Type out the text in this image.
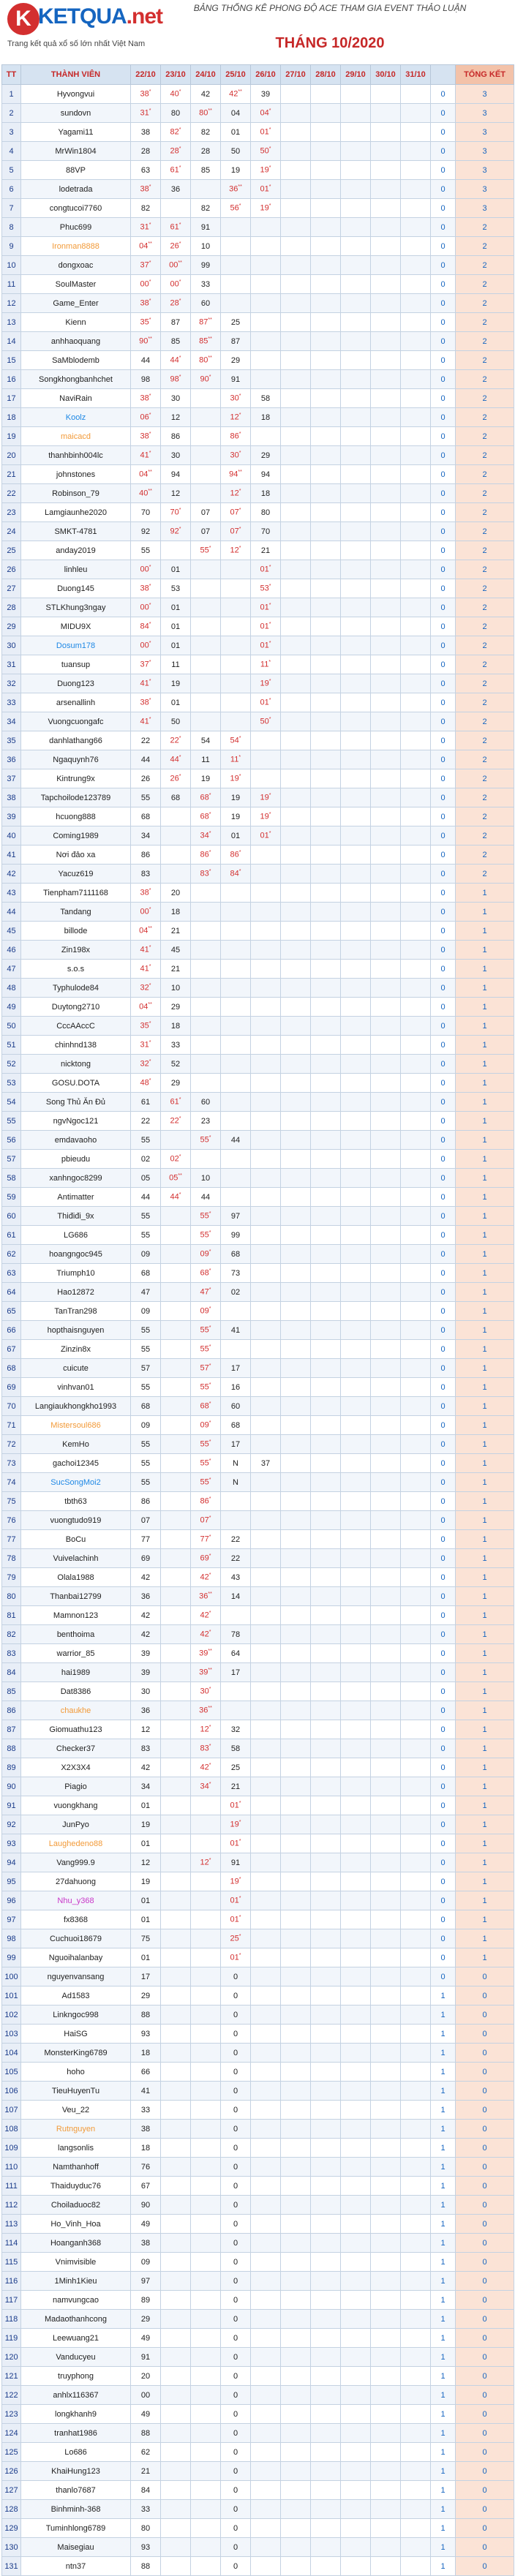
K KETQUA.net
Trang kết quả xổ số lớn nhất Việt Nam
BẢNG THỐNG KÊ PHONG ĐỘ ACE THAM GIA EVENT THẢO LUẬN
THÁNG 10/2020
TT	THÀNH VIÊN	22/10	23/10	24/10	25/10	26/10	27/10	28/10	29/10	30/10	31/10		TỔNG KẾT
1	Hyvongvui	38*	40*	42	42**	39						0	3
2	sundovn	31*	80	80**	04	04*						0	3
3	Yagami11	38	82*	82	01	01*						0	3
4	MrWin1804	28	28*	28	50	50*						0	3
5	88VP	63	61*	85	19	19*						0	3
6	lodetrada	38*	36		36**	01*						0	3
7	congtucoi7760	82		82	56*	19*						0	3
8	Phuc699	31*	61*	91								0	2
9	Ironman8888	04**	26*	10								0	2
10	dongxoac	37*	00**	99								0	2
11	SoulMaster	00*	00*	33								0	2
12	Game_Enter	38*	28*	60								0	2
13	Kienn	35*	87	87**	25							0	2
14	anhhaoquang	90**	85	85**	87							0	2
15	SaMblodemb	44	44*	80**	29							0	2
16	Songkhongbanhchet	98	98*	90*	91							0	2
17	NaviRain	38*	30		30*	58						0	2
18	Koolz	06*	12		12*	18						0	2
19	maicacd	38*	86		86*							0	2
20	thanhbinh004lc	41*	30		30*	29						0	2
21	johnstones	04**	94		94**	94						0	2
22	Robinson_79	40**	12		12*	18						0	2
23	Lamgiaunhe2020	70	70*	07	07*	80						0	2
24	SMKT-4781	92	92*	07	07*	70						0	2
25	anday2019	55		55*	12*	21						0	2
26	linhleu	00*	01			01*						0	2
27	Duong145	38*	53			53*						0	2
28	STLKhung3ngay	00*	01			01*						0	2
29	MIDU9X	84*	01			01*						0	2
30	Dosum178	00*	01			01*						0	2
31	tuansup	37*	11			11*						0	2
32	Duong123	41*	19			19*						0	2
33	arsenallinh	38*	01			01*						0	2
34	Vuongcuongafc	41*	50			50*						0	2
35	danhlathang66	22	22*	54	54*							0	2
36	Ngaquynh76	44	44*	11	11*							0	2
37	Kintrung9x	26	26*	19	19*							0	2
38	Tapchoilode123789	55	68	68*	19	19*						0	2
39	hcuong888	68		68*	19	19*						0	2
40	Coming1989	34		34*	01	01*						0	2
41	Nơi đảo xa	86		86*	86*							0	2
42	Yacuz619	83		83*	84*							0	2
43	Tienpham7111168	38*	20									0	1
44	Tandang	00*	18									0	1
45	billode	04**	21									0	1
46	Zin198x	41*	45									0	1
47	s.o.s	41*	21									0	1
48	Typhulode84	32*	10									0	1
49	Duytong2710	04**	29									0	1
50	CccAAccC	35*	18									0	1
51	chinhnd138	31*	33									0	1
52	nicktong	32*	52									0	1
53	GOSU.DOTA	48*	29									0	1
54	Song Thủ Ăn Đủ	61	61*	60								0	1
55	ngvNgoc121	22	22*	23								0	1
56	emdavaoho	55		55*	44							0	1
57	pbieudu	02	02*									0	1
58	xanhngoc8299	05	05**	10								0	1
59	Antimatter	44	44*	44								0	1
60	Thiđiđi_9x	55		55*	97							0	1
61	LG686	55		55*	99							0	1
62	hoangngoc945	09		09*	68							0	1
63	Triumph10	68		68*	73							0	1
64	Hao12872	47		47*	02							0	1
65	TanTran298	09		09*								0	1
66	hopthaisnguyen	55		55*	41							0	1
67	Zinzin8x	55		55*								0	1
68	cuicute	57		57*	17							0	1
69	vinhvan01	55		55*	16							0	1
70	Langiaukhongkho1993	68		68*	60							0	1
71	Mistersoul686	09		09*	68							0	1
72	KemHo	55		55*	17							0	1
73	gachoi12345	55		55*	N	37						0	1
74	SucSongMoi2	55		55*	N							0	1
75	tbth63	86		86*								0	1
76	vuongtudo919	07		07*								0	1
77	BoCu	77		77*	22							0	1
78	Vuivelachinh	69		69*	22							0	1
79	Olala1988	42		42*	43							0	1
80	Thanbai12799	36		36**	14							0	1
81	Mamnon123	42		42*								0	1
82	benthoima	42		42*	78							0	1
83	warrior_85	39		39**	64							0	1
84	hai1989	39		39**	17							0	1
85	Dat8386	30		30*								0	1
86	chaukhe	36		36**								0	1
87	Giomuathu123	12		12*	32							0	1
88	Checker37	83		83*	58							0	1
89	X2X3X4	42		42*	25							0	1
90	Piagio	34		34*	21							0	1
91	vuongkhang	01			01*							0	1
92	JunPyo	19			19*							0	1
93	Laughedeno88	01			01*							0	1
94	Vang999.9	12		12*	91							0	1
95	27dahuong	19			19*							0	1
96	Nhu_y368	01			01*							0	1
97	fx8368	01			01*							0	1
98	Cuchuoi18679	75			25*							0	1
99	Nguoihalanbay	01			01*							0	1
100	nguyenvansang	17			0							0	0
101	Ad1583	29			0							1	0
102	Linkngoc998	88			0							1	0
103	HaiSG	93			0							1	0
104	MonsterKing6789	18			0							1	0
105	hoho	66			0							1	0
106	TieuHuyenTu	41			0							1	0
107	Veu_22	33			0							1	0
108	Rutnguyen	38			0							1	0
109	langsonlis	18			0							1	0
110	Namthanhoff	76			0							1	0
111	Thaiduyduc76	67			0							1	0
112	Choiladuoc82	90			0							1	0
113	Ho_Vinh_Hoa	49			0							1	0
114	Hoanganh368	38			0							1	0
115	Vnimvisible	09			0							1	0
116	1Minh1Kieu	97			0							1	0
117	namvungcao	89			0							1	0
118	Madaothanhcong	29			0							1	0
119	Leewuang21	49			0							1	0
120	Vanducyeu	91			0							1	0
121	truyphong	20			0							1	0
122	anhlx116367	00			0							1	0
123	longkhanh9	49			0							1	0
124	tranhat1986	88			0							1	0
125	Lo686	62			0							1	0
126	KhaiHung123	21			0							1	0
127	thanlo7687	84			0							1	0
128	Binhminh-368	33			0							1	0
129	Tuminhlong6789	80			0							1	0
130	Maisegiau	93			0							1	0
131	ntn37	88			0							1	0
